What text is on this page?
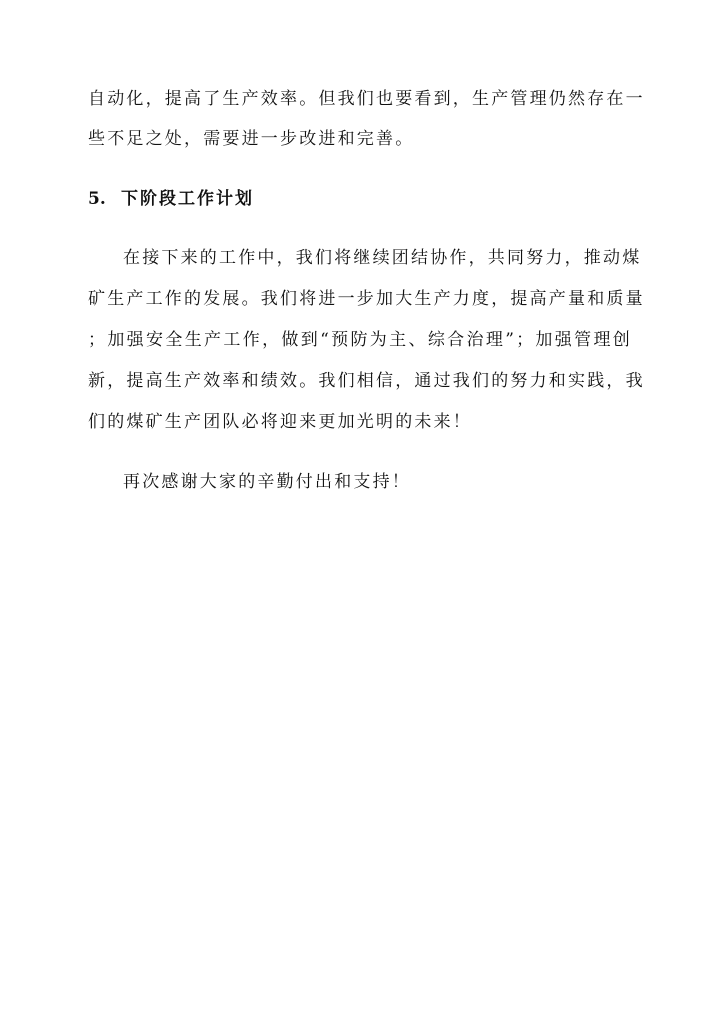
自动化，提高了生产效率。但我们也要看到，生产管理仍然存在一
些不足之处，需要进一步改进和完善。
5. 下阶段工作计划
在接下来的工作中，我们将继续团结协作，共同努力，推动煤
矿生产工作的发展。我们将进一步加大生产力度，提高产量和质量
；加强安全生产工作，做到“预防为主、综合治理”；加强管理创
新，提高生产效率和绩效。我们相信，通过我们的努力和实践，我
们的煤矿生产团队必将迎来更加光明的未来！
再次感谢大家的辛勤付出和支持！
